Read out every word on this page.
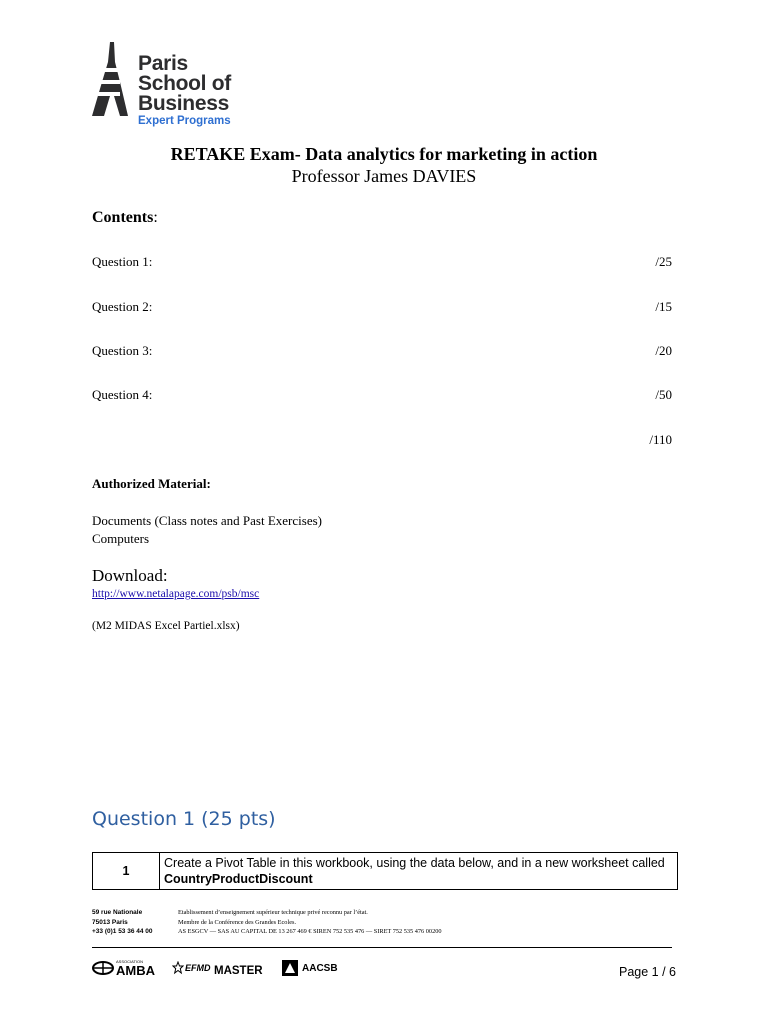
Paris
School of
Business
Expert Programs
RETAKE Exam- Data analytics for marketing in action
Professor James DAVIES
Contents:
Question 1:	/25
Question 2:	/15
Question 3:	/20
Question 4:	/50
/110
Authorized Material:
Documents (Class notes and Past Exercises)
Computers
Download:
http://www.netalapage.com/psb/msc
(M2 MIDAS Excel Partiel.xlsx)
Question 1 (25 pts)
1	Create a Pivot Table in this workbook, using the data below, and in a new worksheet called CountryProductDiscount
59 rue Nationale
75013 Paris
+33 (0)1 53 36 44 00
Etablissement d’enseignement supérieur technique privé reconnu par l’état.
Membre de la Conférence des Grandes Ecoles.
AS ESGCV — SAS AU CAPITAL DE 13 267 469 € SIREN 752 535 476 — SIRET 752 535 476 00200
ASSOCIATION
AMBA	EFMD MASTER	AACSB	Page 1 / 6
